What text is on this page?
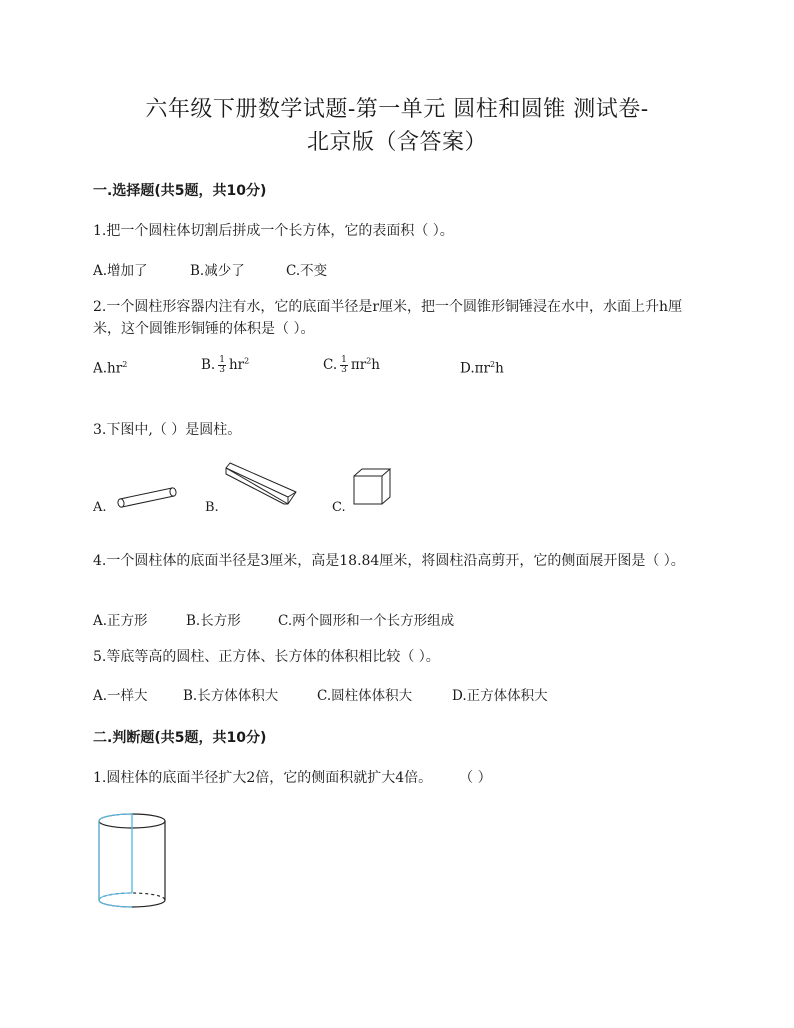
六年级下册数学试题-第一单元 圆柱和圆锥 测试卷-
北京版（含答案）
一.选择题(共5题，共10分)
1.把一个圆柱体切割后拼成一个长方体，它的表面积（ ）。
A.增加了	B.减少了	C.不变
2.一个圆柱形容器内注有水，它的底面半径是r厘米，把一个圆锥形铜锤浸在水中，水面上升h厘米，这个圆锥形铜锤的体积是（ ）。
$A.hr^2$	B. $\frac{1}{3} hr^2$	C. $\frac{1}{3} \pi r^2h$	$D.\pi r^2h$
3.下图中,（ ）是圆柱。
A.	B.	C.
4.一个圆柱体的底面半径是3厘米，高是18.84厘米，将圆柱沿高剪开，它的侧面展开图是（ ）。
A.正方形	B.长方形	C.两个圆形和一个长方形组成
5.等底等高的圆柱、正方体、长方体的体积相比较（ ）。
A.一样大	B.长方体体积大	C.圆柱体体积大	D.正方体体积大
二.判断题(共5题，共10分)
1.圆柱体的底面半径扩大2倍，它的侧面积就扩大4倍。 （ ）
